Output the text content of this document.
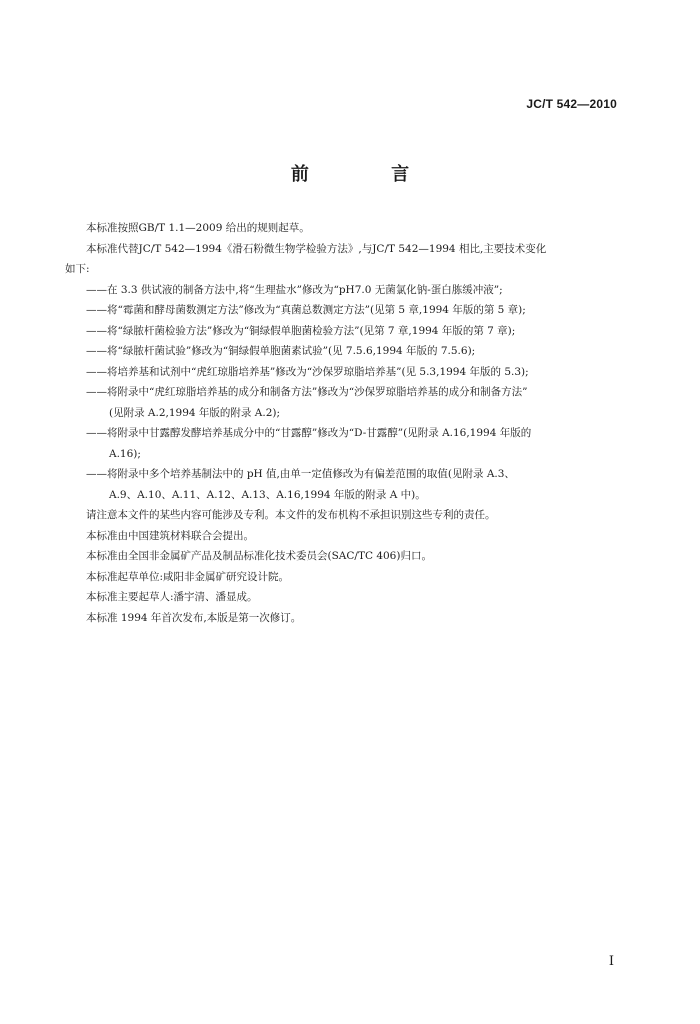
JC/T 542—2010
前 言

本标准按照GB/T 1.1—2009 给出的规则起草。

本标准代替JC/T 542—1994《滑石粉微生物学检验方法》,与JC/T 542—1994 相比,主要技术变化

如下:

——在 3.3 供试液的制备方法中,将“生理盐水”修改为“pH7.0 无菌氯化钠-蛋白胨缓冲液”;

——将“霉菌和酵母菌数测定方法”修改为“真菌总数测定方法”(见第 5 章,1994 年版的第 5 章);

——将“绿脓杆菌检验方法”修改为“铜绿假单胞菌检验方法”(见第 7 章,1994 年版的第 7 章);

——将“绿脓杆菌试验”修改为“铜绿假单胞菌素试验”(见 7.5.6,1994 年版的 7.5.6);

——将培养基和试剂中“虎红琼脂培养基”修改为“沙保罗琼脂培养基”(见 5.3,1994 年版的 5.3);

——将附录中“虎红琼脂培养基的成分和制备方法”修改为“沙保罗琼脂培养基的成分和制备方法”

(见附录 A.2,1994 年版的附录 A.2);

——将附录中甘露醇发酵培养基成分中的“甘露醇”修改为“D-甘露醇”(见附录 A.16,1994 年版的

A.16);

——将附录中多个培养基制法中的 pH 值,由单一定值修改为有偏差范围的取值(见附录 A.3、

A.9、A.10、A.11、A.12、A.13、A.16,1994 年版的附录 A 中)。

请注意本文件的某些内容可能涉及专利。本文件的发布机构不承担识别这些专利的责任。

本标准由中国建筑材料联合会提出。

本标准由全国非金属矿产品及制品标准化技术委员会(SAC/TC 406)归口。

本标准起草单位:咸阳非金属矿研究设计院。

本标准主要起草人:潘宇清、潘显成。

本标准 1994 年首次发布,本版是第一次修订。

I
